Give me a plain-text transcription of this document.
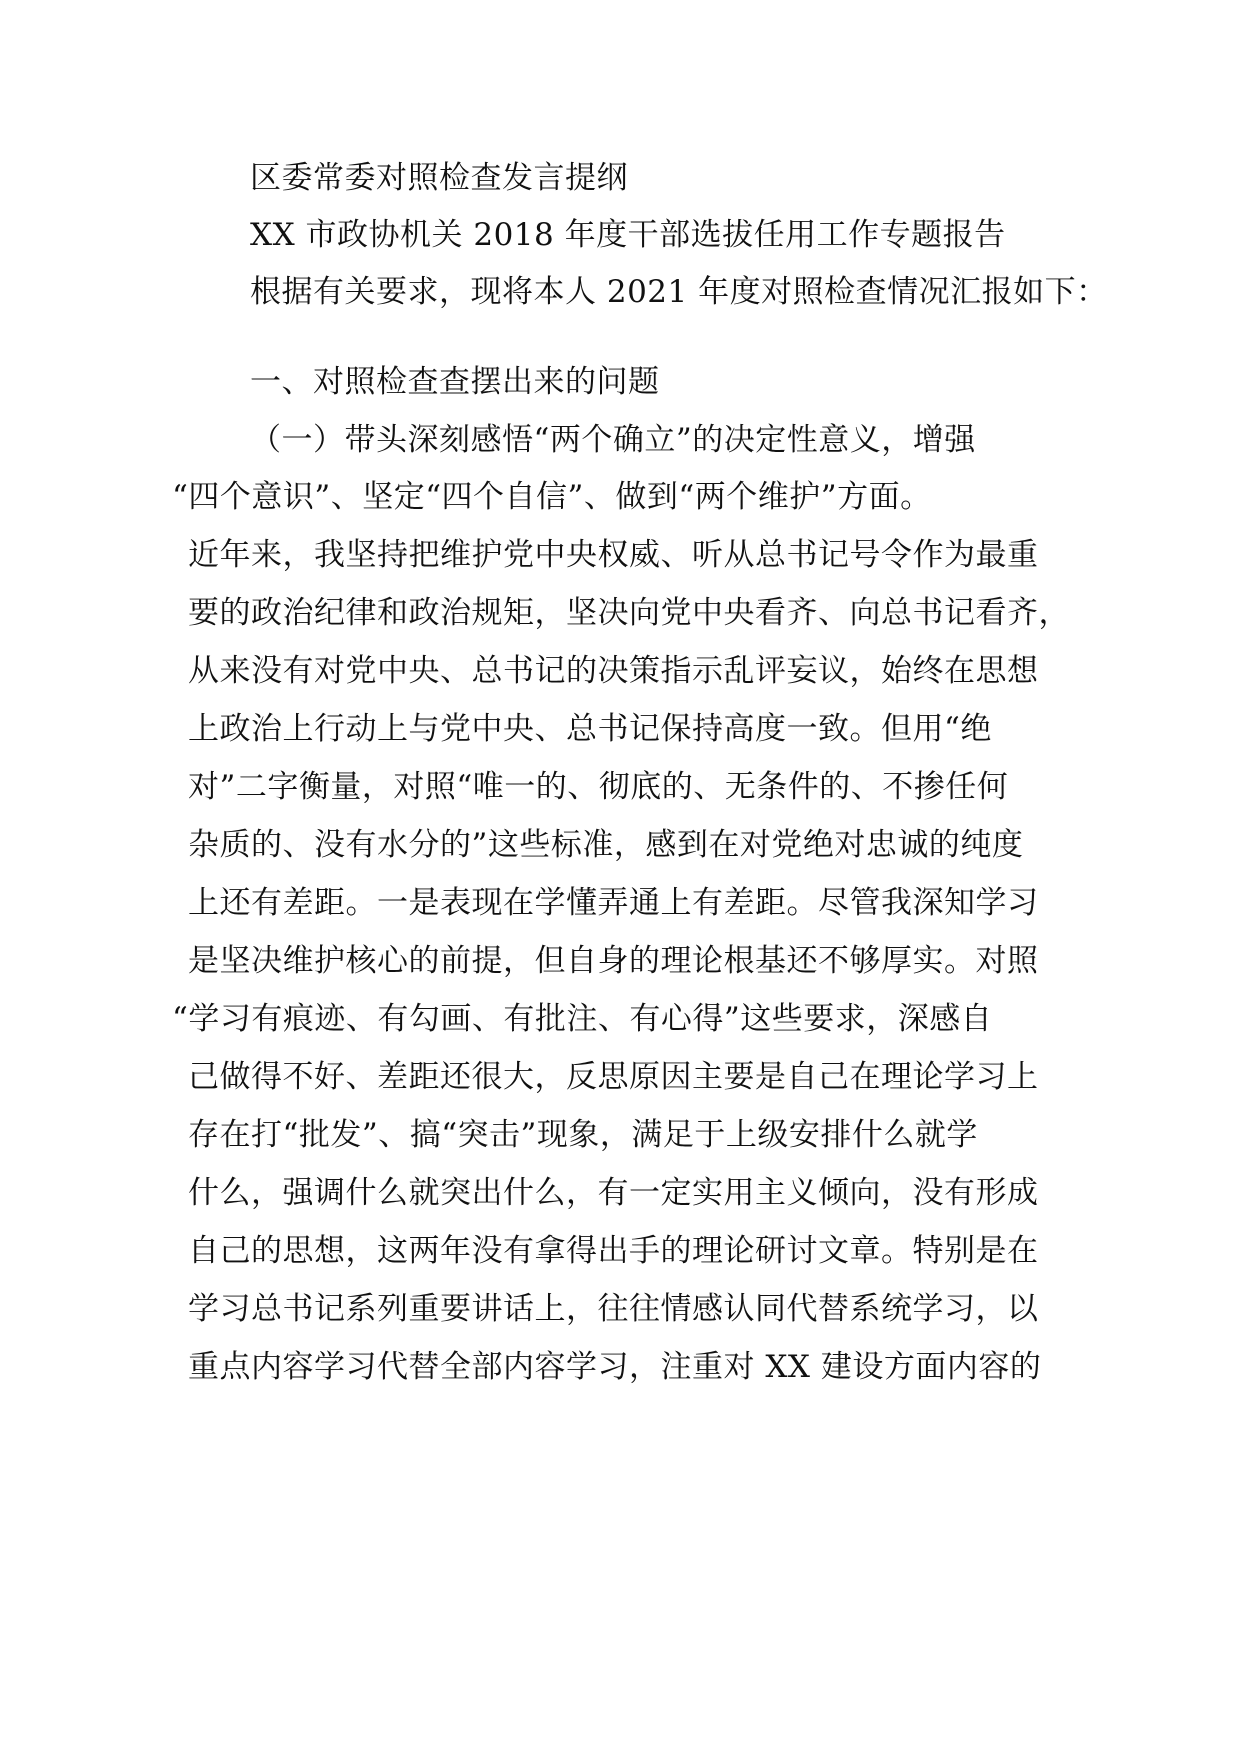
区委常委对照检查发言提纲
XX 市政协机关 2018 年度干部选拔任用工作专题报告
根据有关要求，现将本人 2021 年度对照检查情况汇报如下：
一、对照检查查摆出来的问题
（一）带头深刻感悟“两个确立”的决定性意义，增强
“四个意识”、坚定“四个自信”、做到“两个维护”方面。
近年来，我坚持把维护党中央权威、听从总书记号令作为最重
要的政治纪律和政治规矩，坚决向党中央看齐、向总书记看齐，
从来没有对党中央、总书记的决策指示乱评妄议，始终在思想
上政治上行动上与党中央、总书记保持高度一致。但用“绝
对”二字衡量，对照“唯一的、彻底的、无条件的、不掺任何
杂质的、没有水分的”这些标准，感到在对党绝对忠诚的纯度
上还有差距。一是表现在学懂弄通上有差距。尽管我深知学习
是坚决维护核心的前提，但自身的理论根基还不够厚实。对照
“学习有痕迹、有勾画、有批注、有心得”这些要求，深感自
己做得不好、差距还很大，反思原因主要是自己在理论学习上
存在打“批发”、搞“突击”现象，满足于上级安排什么就学
什么，强调什么就突出什么，有一定实用主义倾向，没有形成
自己的思想，这两年没有拿得出手的理论研讨文章。特别是在
学习总书记系列重要讲话上，往往情感认同代替系统学习，以
重点内容学习代替全部内容学习，注重对 XX 建设方面内容的
